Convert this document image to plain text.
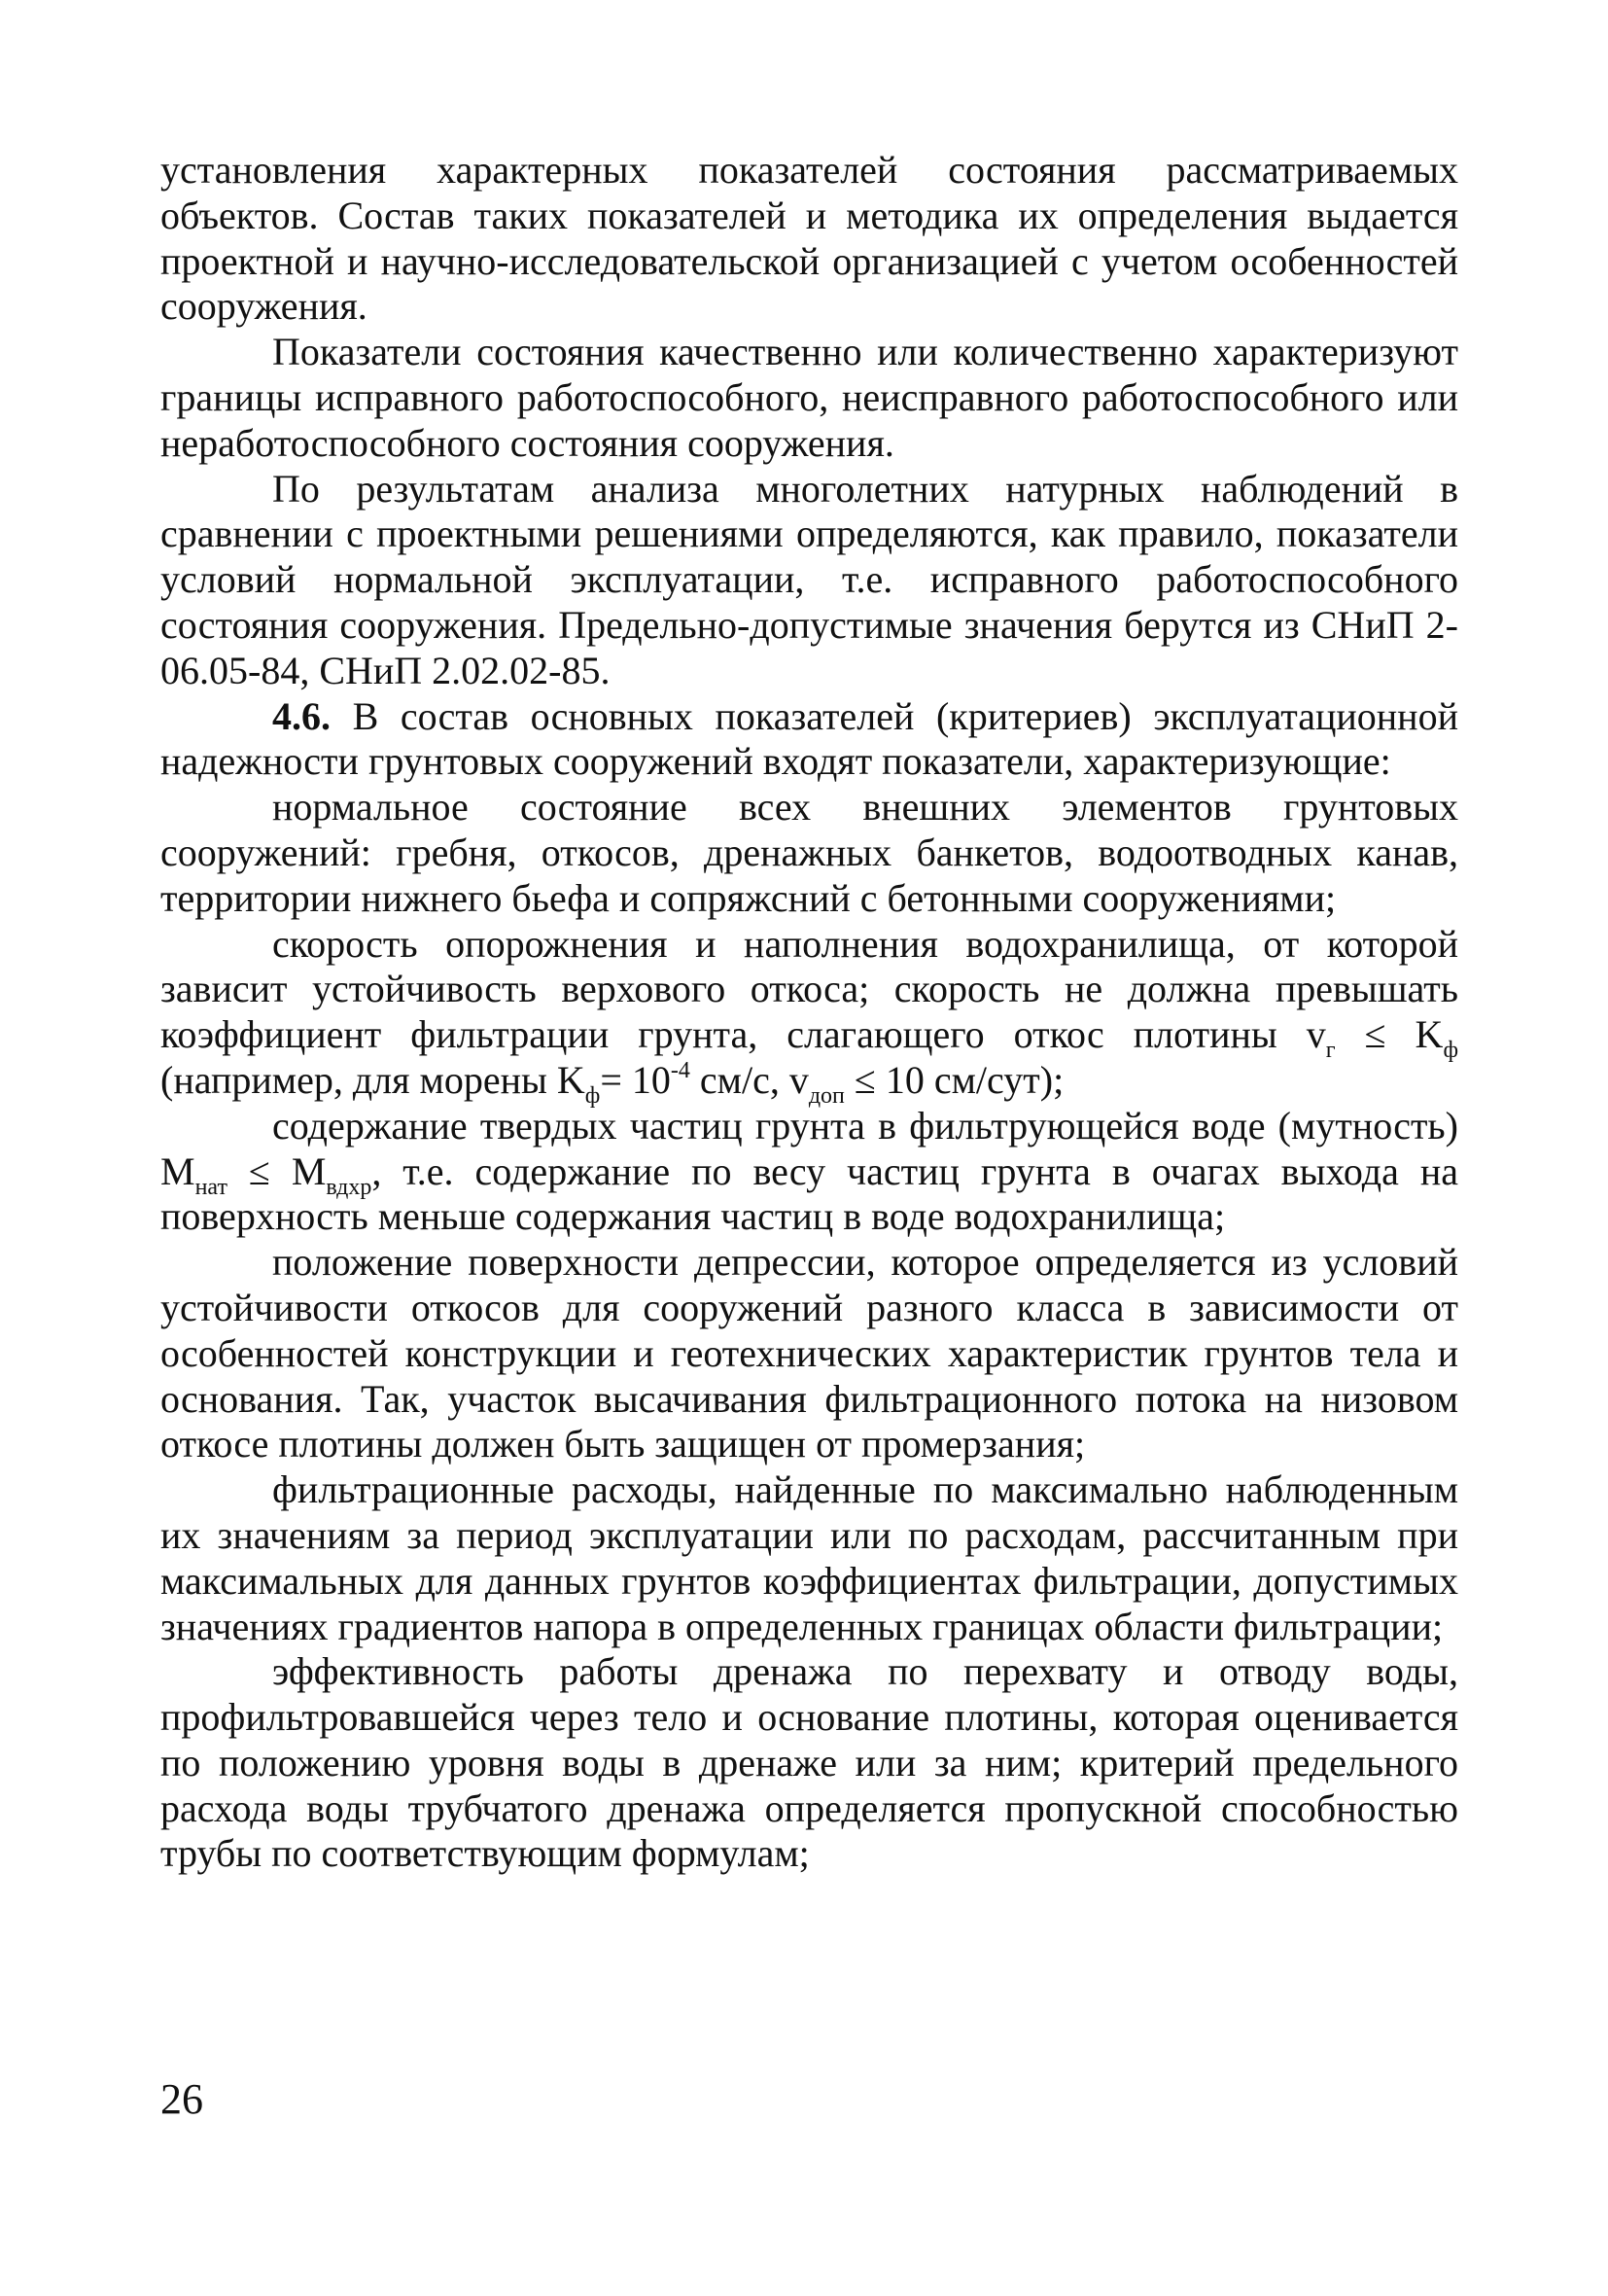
установления характерных показателей состояния рассматриваемых объектов. Состав таких показателей и методика их определения выдается проектной и научно-исследовательской организацией с учетом особенностей сооружения.

Показатели состояния качественно или количественно характеризуют границы исправного работоспособного, неисправного работоспособного или неработоспособного состояния сооружения.

По результатам анализа многолетних натурных наблюдений в сравнении с проектными решениями определяются, как правило, показатели условий нормальной эксплуатации, т.е. исправного работоспособного состояния сооружения. Предельно-допустимые значения берутся из СНиП 2-06.05-84, СНиП 2.02.02-85.

4.6. В состав основных показателей (критериев) эксплуатационной надежности грунтовых сооружений входят показатели, характеризующие:

нормальное состояние всех внешних элементов грунтовых сооружений: гребня, откосов, дренажных банкетов, водоотводных канав, территории нижнего бьефа и сопряжсний с бетонными сооружениями;

скорость опорожнения и наполнения водохранилища, от которой зависит устойчивость верхового откоса; скорость не должна превышать коэффициент фильтрации грунта, слагающего откос плотины $v_г \le K_ф$ (например, для морены $K_ф= 10^{-4}$ см/с, $v_{доп} \le 10$ см/сут);

содержание твердых частиц грунта в фильтрующейся воде (мутность) $M_{нат} \le M_{вдхр}$, т.е. содержание по весу частиц грунта в очагах выхода на поверхность меньше содержания частиц в воде водохранилища;

положение поверхности депрессии, которое определяется из условий устойчивости откосов для сооружений разного класса в зависимости от особенностей конструкции и геотехнических характеристик грунтов тела и основания. Так, участок высачивания фильтрационного потока на низовом откосе плотины должен быть защищен от промерзания;

фильтрационные расходы, найденные по максимально наблюденным их значениям за период эксплуатации или по расходам, рассчитанным при максимальных для данных грунтов коэффициентах фильтрации, допустимых значениях градиентов напора в определенных границах области фильтрации;

эффективность работы дренажа по перехвату и отводу воды, профильтровавшейся через тело и основание плотины, которая оценивается по положению уровня воды в дренаже или за ним; критерий предельного расхода воды трубчатого дренажа определяется пропускной способностью трубы по соответствующим формулам;

26
